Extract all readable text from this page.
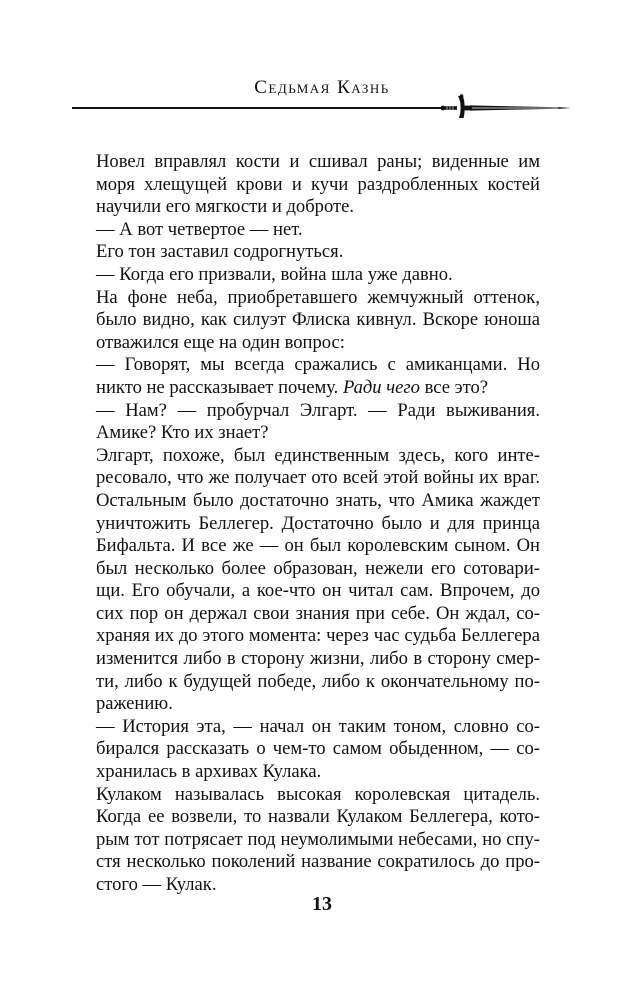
Седьмая Казнь
Новел вправлял кости и сшивал раны; виденные им
моря хлещущей крови и кучи раздробленных костей
научили его мягкости и доброте.
— А вот четвертое — нет.
Его тон заставил содрогнуться.
— Когда его призвали, война шла уже давно.
На фоне неба, приобретавшего жемчужный оттенок,
было видно, как силуэт Флиска кивнул. Вскоре юноша
отважился еще на один вопрос:
— Говорят, мы всегда сражались с амиканцами. Но
никто не рассказывает почему. Ради чего все это?
— Нам? — пробурчал Элгарт. — Ради выживания.
Амике? Кто их знает?
Элгарт, похоже, был единственным здесь, кого инте-
ресовало, что же получает ото всей этой войны их враг.
Остальным было достаточно знать, что Амика жаждет
уничтожить Беллегер. Достаточно было и для принца
Бифальта. И все же — он был королевским сыном. Он
был несколько более образован, нежели его сотовари-
щи. Его обучали, а кое-что он читал сам. Впрочем, до
сих пор он держал свои знания при себе. Он ждал, со-
храняя их до этого момента: через час судьба Беллегера
изменится либо в сторону жизни, либо в сторону смер-
ти, либо к будущей победе, либо к окончательному по-
ражению.
— История эта, — начал он таким тоном, словно со-
бирался рассказать о чем-то самом обыденном, — со-
хранилась в архивах Кулака.
Кулаком называлась высокая королевская цитадель.
Когда ее возвели, то назвали Кулаком Беллегера, кото-
рым тот потрясает под неумолимыми небесами, но спу-
стя несколько поколений название сократилось до про-
стого — Кулак.
13
